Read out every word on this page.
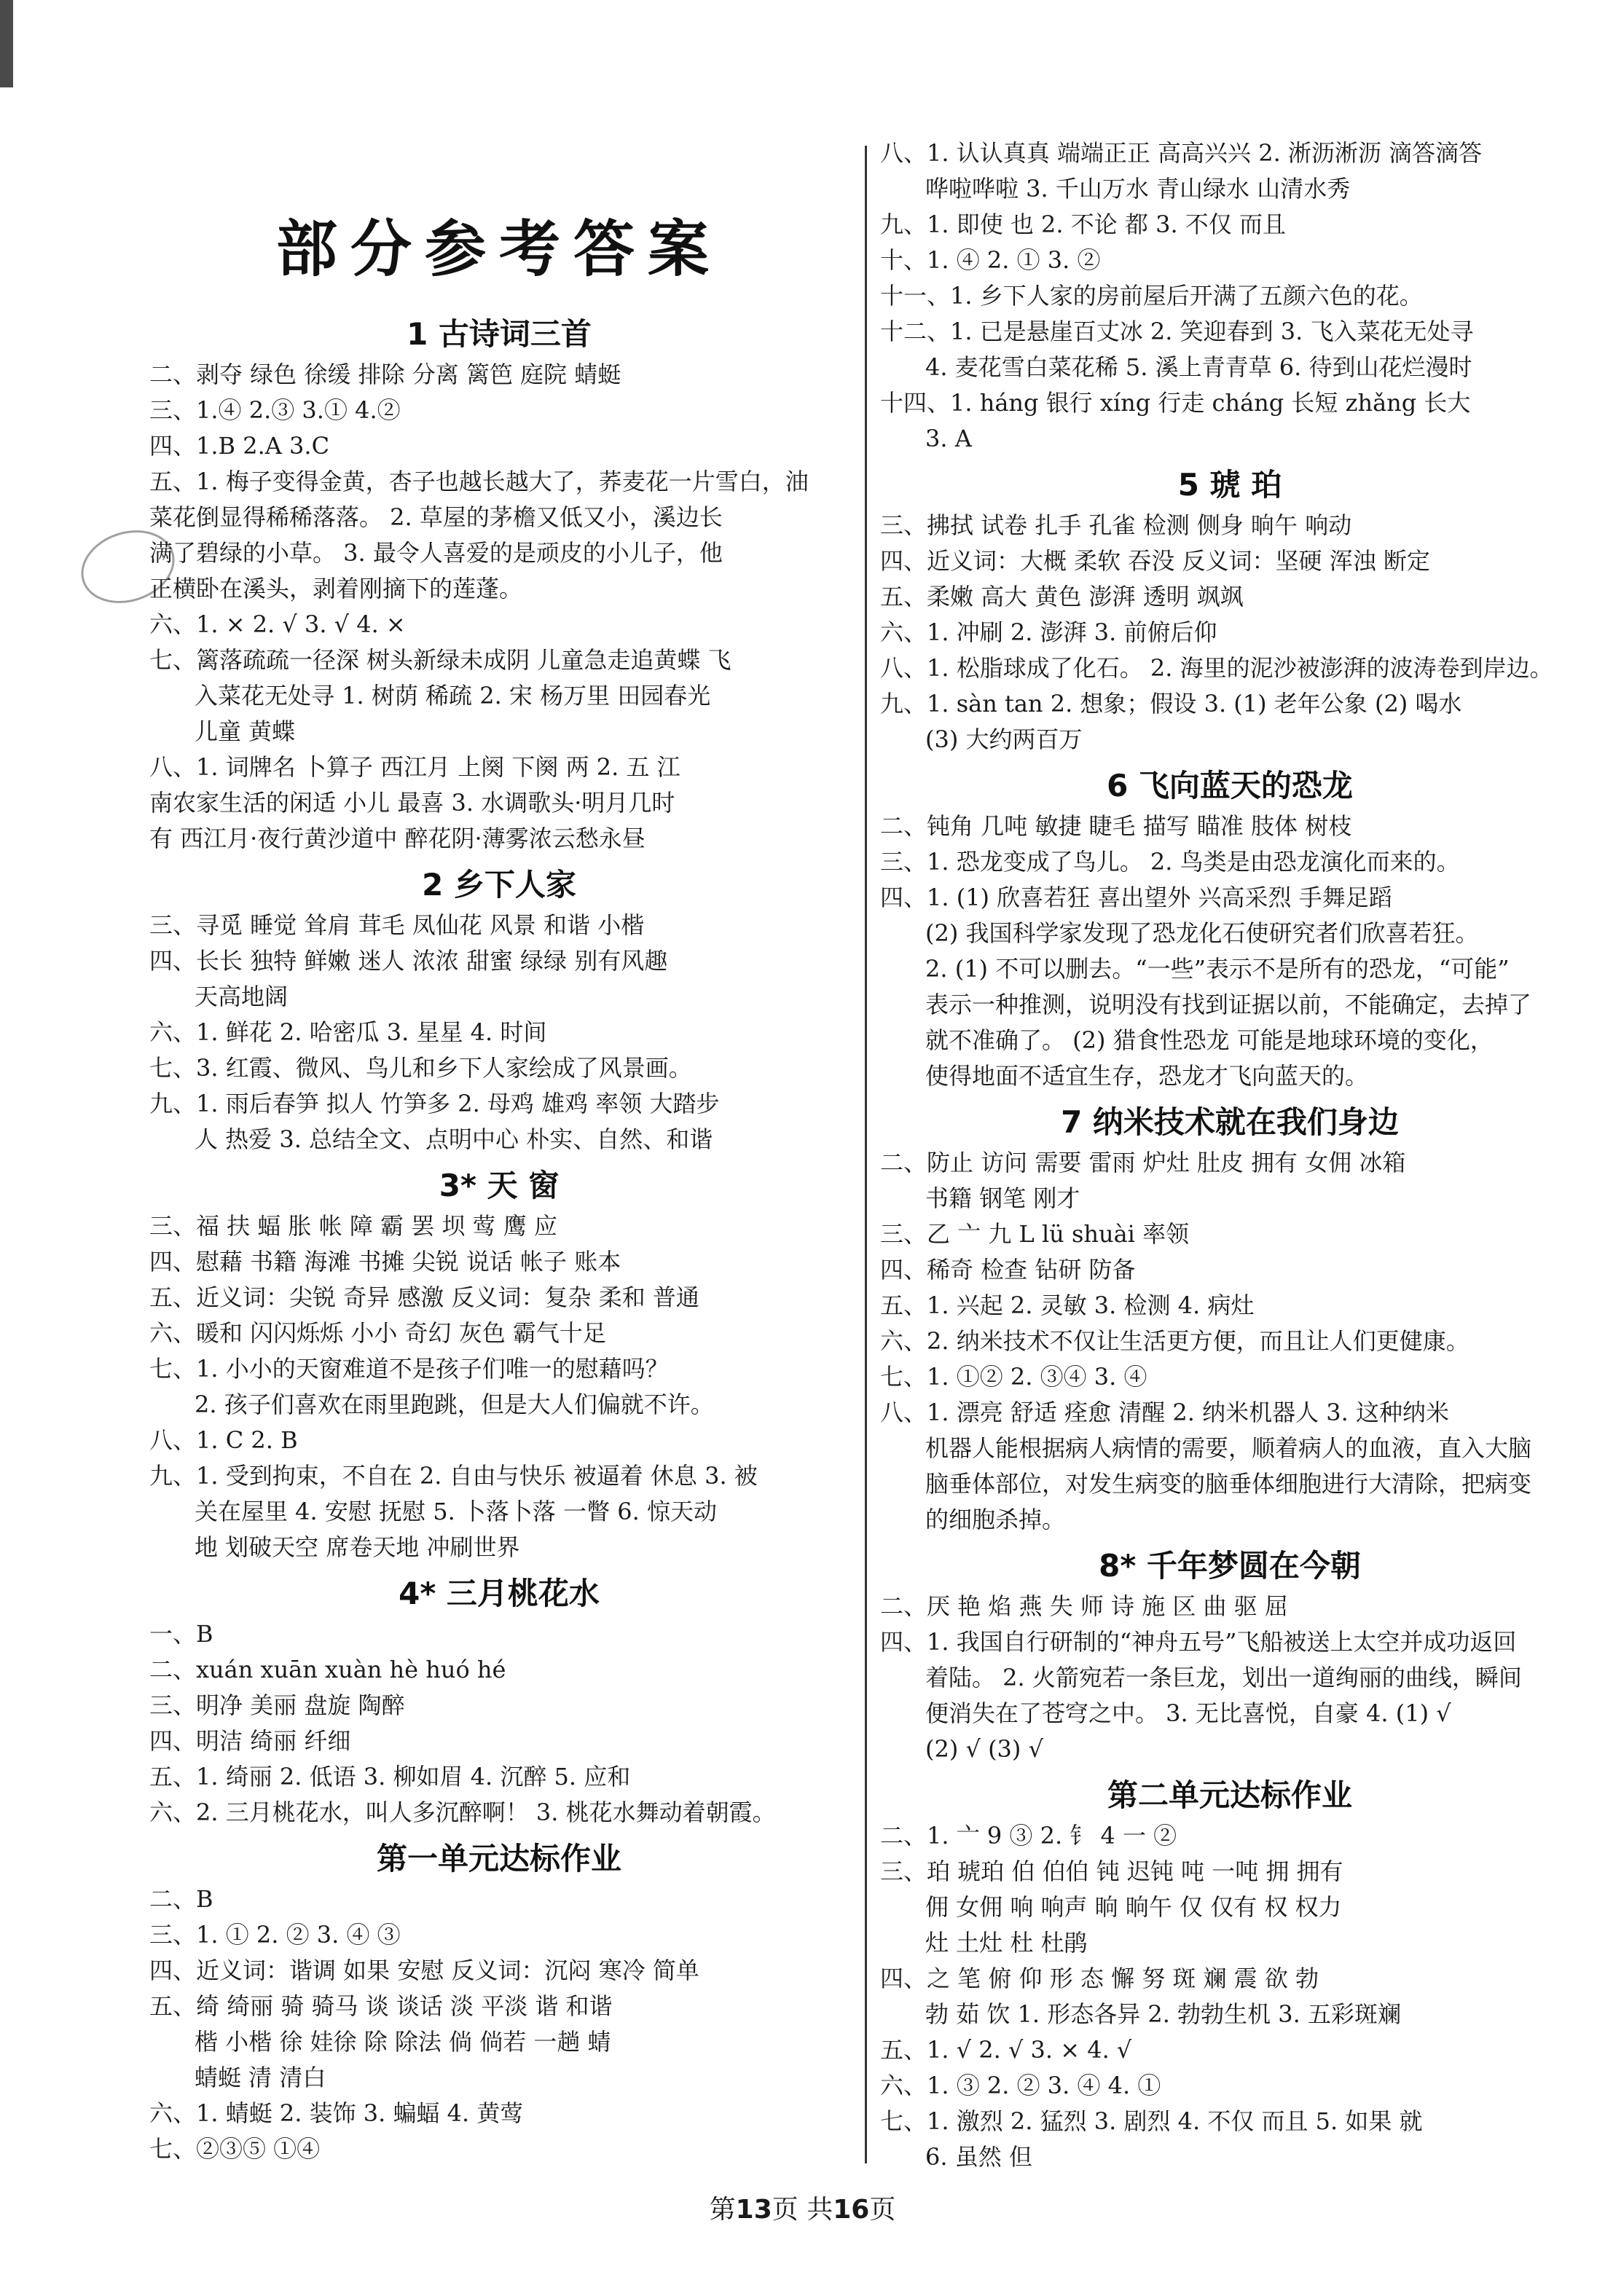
部分参考答案
1 古诗词三首
二、剥夺 绿色 徐缓 排除 分离 篱笆 庭院 蜻蜓
三、1.④ 2.③ 3.① 4.②
四、1.B 2.A 3.C
五、1. 梅子变得金黄，杏子也越长越大了，荞麦花一片雪白，油
菜花倒显得稀稀落落。 2. 草屋的茅檐又低又小，溪边长
满了碧绿的小草。 3. 最令人喜爱的是顽皮的小儿子，他
正横卧在溪头，剥着刚摘下的莲蓬。
六、1. × 2. √ 3. √ 4. ×
七、篱落疏疏一径深 树头新绿未成阴 儿童急走追黄蝶 飞
入菜花无处寻 1. 树荫 稀疏 2. 宋 杨万里 田园春光
儿童 黄蝶
八、1. 词牌名 卜算子 西江月 上阕 下阕 两 2. 五 江
南农家生活的闲适 小儿 最喜 3. 水调歌头·明月几时
有 西江月·夜行黄沙道中 醉花阴·薄雾浓云愁永昼
2 乡下人家
三、寻觅 睡觉 耸肩 茸毛 凤仙花 风景 和谐 小楷
四、长长 独特 鲜嫩 迷人 浓浓 甜蜜 绿绿 别有风趣
天高地阔
六、1. 鲜花 2. 哈密瓜 3. 星星 4. 时间
七、3. 红霞、微风、鸟儿和乡下人家绘成了风景画。
九、1. 雨后春笋 拟人 竹笋多 2. 母鸡 雄鸡 率领 大踏步
人 热爱 3. 总结全文、点明中心 朴实、自然、和谐
3* 天 窗
三、福 扶 蝠 胀 帐 障 霸 罢 坝 莺 鹰 应
四、慰藉 书籍 海滩 书摊 尖锐 说话 帐子 账本
五、近义词：尖锐 奇异 感激 反义词：复杂 柔和 普通
六、暖和 闪闪烁烁 小小 奇幻 灰色 霸气十足
七、1. 小小的天窗难道不是孩子们唯一的慰藉吗？
2. 孩子们喜欢在雨里跑跳，但是大人们偏就不许。
八、1. C 2. B
九、1. 受到拘束，不自在 2. 自由与快乐 被逼着 休息 3. 被
关在屋里 4. 安慰 抚慰 5. 卜落卜落 一瞥 6. 惊天动
地 划破天空 席卷天地 冲刷世界
4* 三月桃花水
一、B
二、xuán xuān xuàn hè huó hé
三、明净 美丽 盘旋 陶醉
四、明洁 绮丽 纤细
五、1. 绮丽 2. 低语 3. 柳如眉 4. 沉醉 5. 应和
六、2. 三月桃花水，叫人多沉醉啊！ 3. 桃花水舞动着朝霞。
第一单元达标作业
二、B
三、1. ① 2. ② 3. ④ ③
四、近义词：谐调 如果 安慰 反义词：沉闷 寒冷 简单
五、绮 绮丽 骑 骑马 谈 谈话 淡 平淡 谐 和谐
楷 小楷 徐 娃徐 除 除法 倘 倘若 一趟 蜻
蜻蜓 清 清白
六、1. 蜻蜓 2. 装饰 3. 蝙蝠 4. 黄莺
七、②③⑤ ①④
八、1. 认认真真 端端正正 高高兴兴 2. 淅沥淅沥 滴答滴答
哗啦哗啦 3. 千山万水 青山绿水 山清水秀
九、1. 即使 也 2. 不论 都 3. 不仅 而且
十、1. ④ 2. ① 3. ②
十一、1. 乡下人家的房前屋后开满了五颜六色的花。
十二、1. 已是悬崖百丈冰 2. 笑迎春到 3. 飞入菜花无处寻
4. 麦花雪白菜花稀 5. 溪上青青草 6. 待到山花烂漫时
十四、1. háng 银行 xíng 行走 cháng 长短 zhǎng 长大
3. A
5 琥 珀
三、拂拭 试卷 扎手 孔雀 检测 侧身 晌午 响动
四、近义词：大概 柔软 吞没 反义词：坚硬 浑浊 断定
五、柔嫩 高大 黄色 澎湃 透明 飒飒
六、1. 冲刷 2. 澎湃 3. 前俯后仰
八、1. 松脂球成了化石。 2. 海里的泥沙被澎湃的波涛卷到岸边。
九、1. sàn tan 2. 想象；假设 3. (1) 老年公象 (2) 喝水
(3) 大约两百万
6 飞向蓝天的恐龙
二、钝角 几吨 敏捷 睫毛 描写 瞄准 肢体 树枝
三、1. 恐龙变成了鸟儿。 2. 鸟类是由恐龙演化而来的。
四、1. (1) 欣喜若狂 喜出望外 兴高采烈 手舞足蹈
(2) 我国科学家发现了恐龙化石使研究者们欣喜若狂。
2. (1) 不可以删去。“一些”表示不是所有的恐龙，“可能”
表示一种推测，说明没有找到证据以前，不能确定，去掉了
就不准确了。 (2) 猎食性恐龙 可能是地球环境的变化，
使得地面不适宜生存，恐龙才飞向蓝天的。
7 纳米技术就在我们身边
二、防止 访问 需要 雷雨 炉灶 肚皮 拥有 女佣 冰箱
书籍 钢笔 刚才
三、乙 亠 九 L lü shuài 率领
四、稀奇 检查 钻研 防备
五、1. 兴起 2. 灵敏 3. 检测 4. 病灶
六、2. 纳米技术不仅让生活更方便，而且让人们更健康。
七、1. ①② 2. ③④ 3. ④
八、1. 漂亮 舒适 痊愈 清醒 2. 纳米机器人 3. 这种纳米
机器人能根据病人病情的需要，顺着病人的血液，直入大脑
脑垂体部位，对发生病变的脑垂体细胞进行大清除，把病变
的细胞杀掉。
8* 千年梦圆在今朝
二、厌 艳 焰 燕 失 师 诗 施 区 曲 驱 屈
四、1. 我国自行研制的“神舟五号”飞船被送上太空并成功返回
着陆。 2. 火箭宛若一条巨龙，划出一道绚丽的曲线，瞬间
便消失在了苍穹之中。 3. 无比喜悦，自豪 4. (1) √
(2) √ (3) √
第二单元达标作业
二、1. 亠 9 ③ 2. 钅 4 一 ②
三、珀 琥珀 伯 伯伯 钝 迟钝 吨 一吨 拥 拥有
佣 女佣 响 响声 晌 晌午 仅 仅有 权 权力
灶 土灶 杜 杜鹃
四、之 笔 俯 仰 形 态 懈 努 斑 斓 震 欲 勃
勃 茹 饮 1. 形态各异 2. 勃勃生机 3. 五彩斑斓
五、1. √ 2. √ 3. × 4. √
六、1. ③ 2. ② 3. ④ 4. ①
七、1. 激烈 2. 猛烈 3. 剧烈 4. 不仅 而且 5. 如果 就
6. 虽然 但
第13页 共16页
